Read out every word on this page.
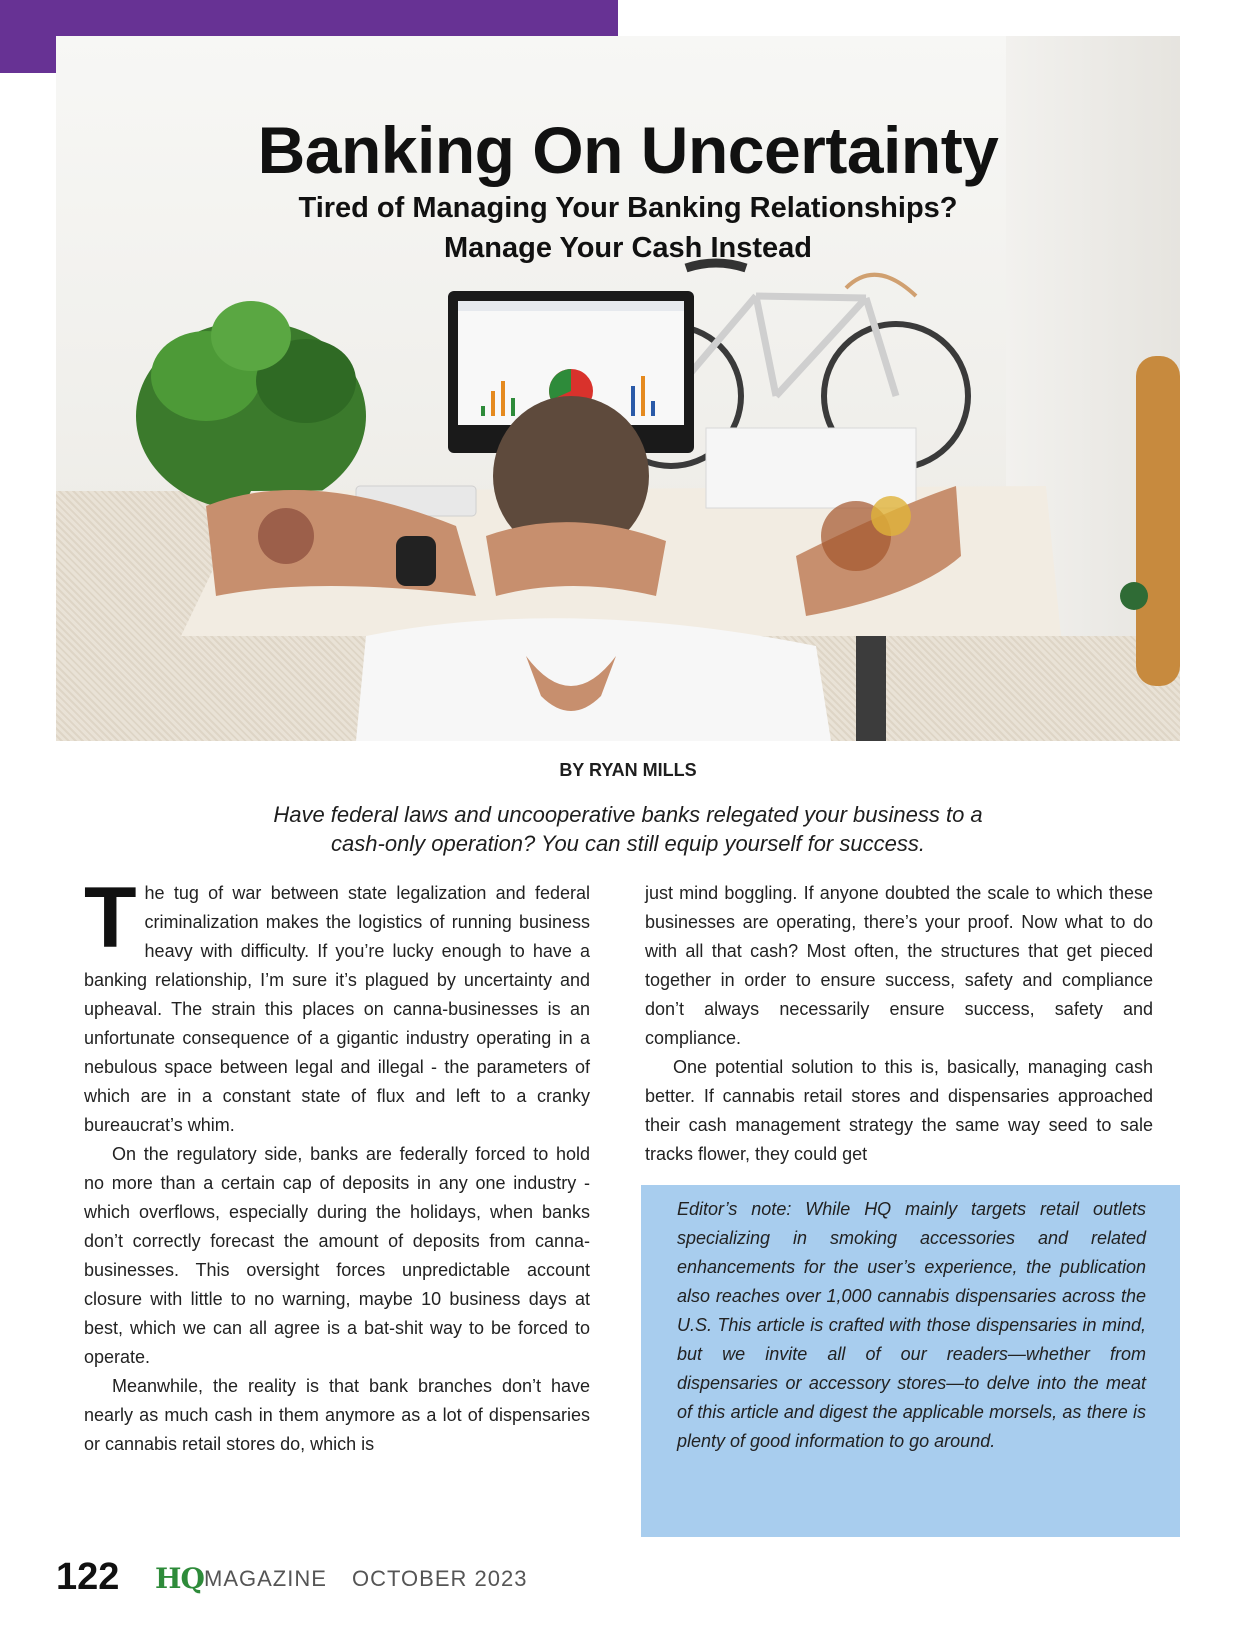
Banking On Uncertainty
Tired of Managing Your Banking Relationships?
Manage Your Cash Instead
BY RYAN MILLS
Have federal laws and uncooperative banks relegated your business to a
cash-only operation? You can still equip yourself for success.

The tug of war between state legalization and federal criminalization makes the logistics of running business heavy with difficulty. If you’re lucky enough to have a banking relationship, I’m sure it’s plagued by uncertainty and upheaval. The strain this places on canna-businesses is an unfortunate consequence of a gigantic industry operating in a nebulous space between legal and illegal - the parameters of which are in a constant state of flux and left to a cranky bureaucrat’s whim.

On the regulatory side, banks are federally forced to hold no more than a certain cap of deposits in any one industry - which overflows, especially during the holidays, when banks don’t correctly forecast the amount of deposits from canna-businesses. This oversight forces unpredictable account closure with little to no warning, maybe 10 business days at best, which we can all agree is a bat-shit way to be forced to operate.

Meanwhile, the reality is that bank branches don’t have nearly as much cash in them anymore as a lot of dispensaries or cannabis retail stores do, which is

just mind boggling. If anyone doubted the scale to which these businesses are operating, there’s your proof. Now what to do with all that cash? Most often, the structures that get pieced together in order to ensure success, safety and compliance don’t always necessarily ensure success, safety and compliance.

One potential solution to this is, basically, managing cash better. If cannabis retail stores and dispensaries approached their cash management strategy the same way seed to sale tracks flower, they could get

Editor’s note: While HQ mainly targets retail outlets specializing in smoking accessories and related enhancements for the user’s experience, the publication also reaches over 1,000 cannabis dispensaries across the U.S. This article is crafted with those dispensaries in mind, but we invite all of our readers—whether from dispensaries or accessory stores—to delve into the meat of this article and digest the applicable morsels, as there is plenty of good information to go around.
122 HQ MAGAZINE OCTOBER 2023
